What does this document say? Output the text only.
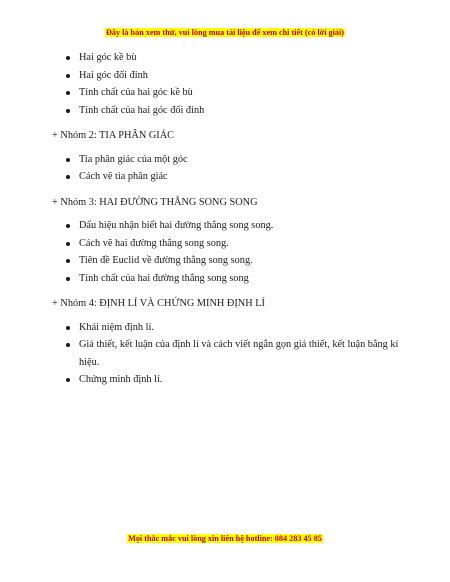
Đây là bản xem thử, vui lòng mua tài liệu để xem chi tiết (có lời giải)
Hai góc kề bù
Hai góc đối đỉnh
Tính chất của hai góc kề bù
Tính chất của hai góc đối đỉnh
+ Nhóm 2: TIA PHÂN GIÁC
Tia phân giác của một góc
Cách vẽ tia phân giác
+ Nhóm 3: HAI ĐƯỜNG THẲNG SONG SONG
Dấu hiệu nhận biết hai đường thẳng song song.
Cách vẽ hai đường thẳng song song.
Tiên đề Euclid về đường thẳng song song.
Tính chất của hai đường thẳng song song
+ Nhóm 4: ĐỊNH LÍ VÀ CHỨNG MINH ĐỊNH LÍ
Khái niệm định lí.
Giả thiết, kết luận của định lí và cách viết ngắn gọn giả thiết, kết luận bằng kí hiệu.
Chứng minh định lí.
Mọi thắc mắc vui lòng xin liên hệ hotline: 084 283 45 85
